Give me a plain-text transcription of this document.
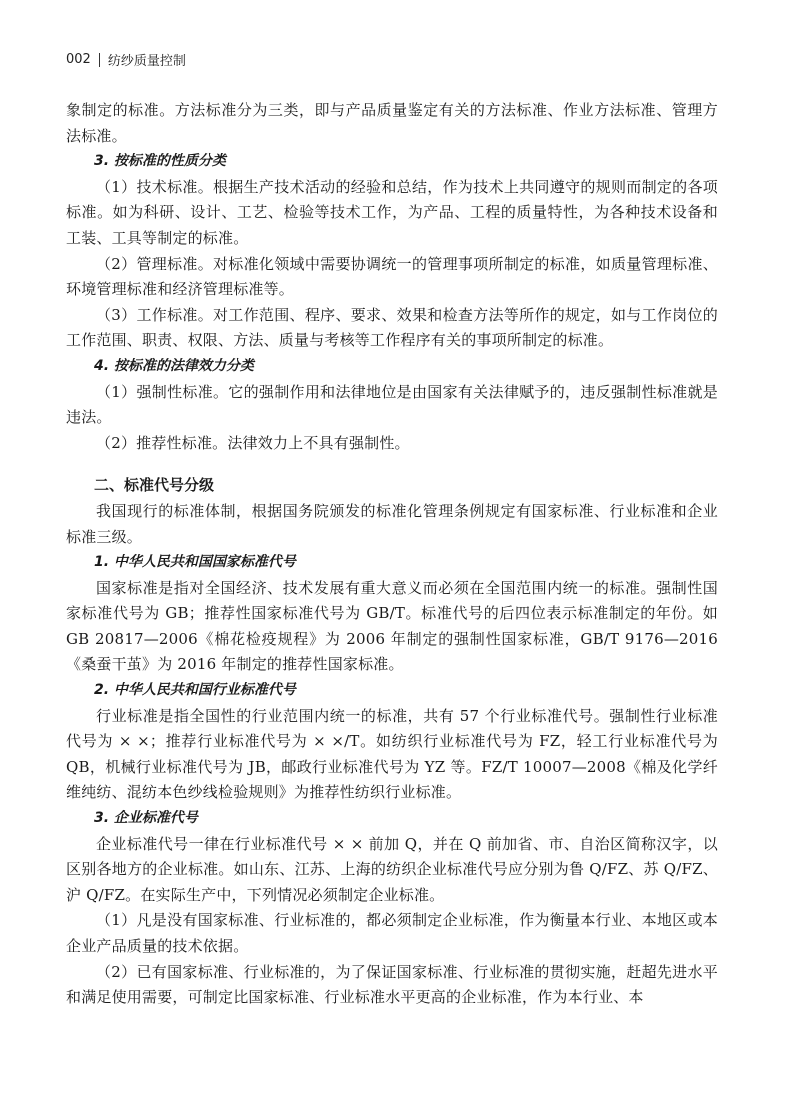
002 纺纱质量控制

象制定的标准。方法标准分为三类，即与产品质量鉴定有关的方法标准、作业方法标准、管理方法标准。

3. 按标准的性质分类

（1）技术标准。根据生产技术活动的经验和总结，作为技术上共同遵守的规则而制定的各项标准。如为科研、设计、工艺、检验等技术工作，为产品、工程的质量特性，为各种技术设备和工装、工具等制定的标准。

（2）管理标准。对标准化领域中需要协调统一的管理事项所制定的标准，如质量管理标准、环境管理标准和经济管理标准等。

（3）工作标准。对工作范围、程序、要求、效果和检查方法等所作的规定，如与工作岗位的工作范围、职责、权限、方法、质量与考核等工作程序有关的事项所制定的标准。

4. 按标准的法律效力分类

（1）强制性标准。它的强制作用和法律地位是由国家有关法律赋予的，违反强制性标准就是违法。

（2）推荐性标准。法律效力上不具有强制性。

二、标准代号分级

我国现行的标准体制，根据国务院颁发的标准化管理条例规定有国家标准、行业标准和企业标准三级。

1. 中华人民共和国国家标准代号

国家标准是指对全国经济、技术发展有重大意义而必须在全国范围内统一的标准。强制性国家标准代号为 GB；推荐性国家标准代号为 GB/T。标准代号的后四位表示标准制定的年份。如 GB 20817—2006《棉花检疫规程》为 2006 年制定的强制性国家标准，GB/T 9176—2016《桑蚕干茧》为 2016 年制定的推荐性国家标准。

2. 中华人民共和国行业标准代号

行业标准是指全国性的行业范围内统一的标准，共有 57 个行业标准代号。强制性行业标准代号为 × ×；推荐行业标准代号为 × ×/T。如纺织行业标准代号为 FZ，轻工行业标准代号为 QB，机械行业标准代号为 JB，邮政行业标准代号为 YZ 等。FZ/T 10007—2008《棉及化学纤维纯纺、混纺本色纱线检验规则》为推荐性纺织行业标准。

3. 企业标准代号

企业标准代号一律在行业标准代号 × × 前加 Q，并在 Q 前加省、市、自治区简称汉字，以区别各地方的企业标准。如山东、江苏、上海的纺织企业标准代号应分别为鲁 Q/FZ、苏 Q/FZ、沪 Q/FZ。在实际生产中，下列情况必须制定企业标准。

（1）凡是没有国家标准、行业标准的，都必须制定企业标准，作为衡量本行业、本地区或本企业产品质量的技术依据。

（2）已有国家标准、行业标准的，为了保证国家标准、行业标准的贯彻实施，赶超先进水平和满足使用需要，可制定比国家标准、行业标准水平更高的企业标准，作为本行业、本
